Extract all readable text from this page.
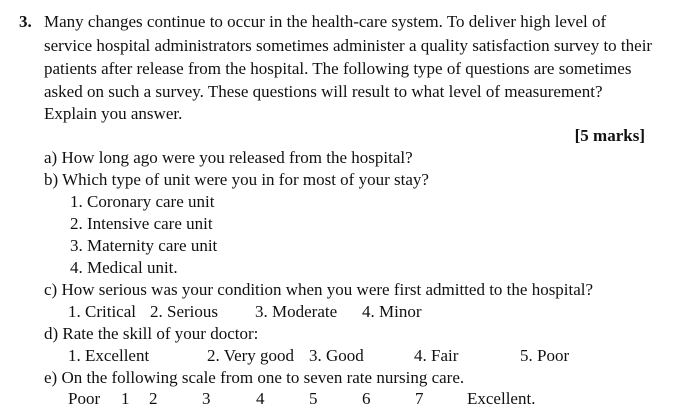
3. Many changes continue to occur in the health-care system. To deliver high level of
service hospital administrators sometimes administer a quality satisfaction survey to their
patients after release from the hospital. The following type of questions are sometimes
asked on such a survey. These questions will result to what level of measurement?
Explain you answer.
[5 marks]
a) How long ago were you released from the hospital?
b) Which type of unit were you in for most of your stay?
1. Coronary care unit
2. Intensive care unit
3. Maternity care unit
4. Medical unit.
c) How serious was your condition when you were first admitted to the hospital?
1. Critical 2. Serious 3. Moderate 4. Minor
d) Rate the skill of your doctor:
1. Excellent	2. Very good 3. Good	4. Fair	5. Poor
e) On the following scale from one to seven rate nursing care.
Poor 1 2	3	4	5	6	7	Excellent.
